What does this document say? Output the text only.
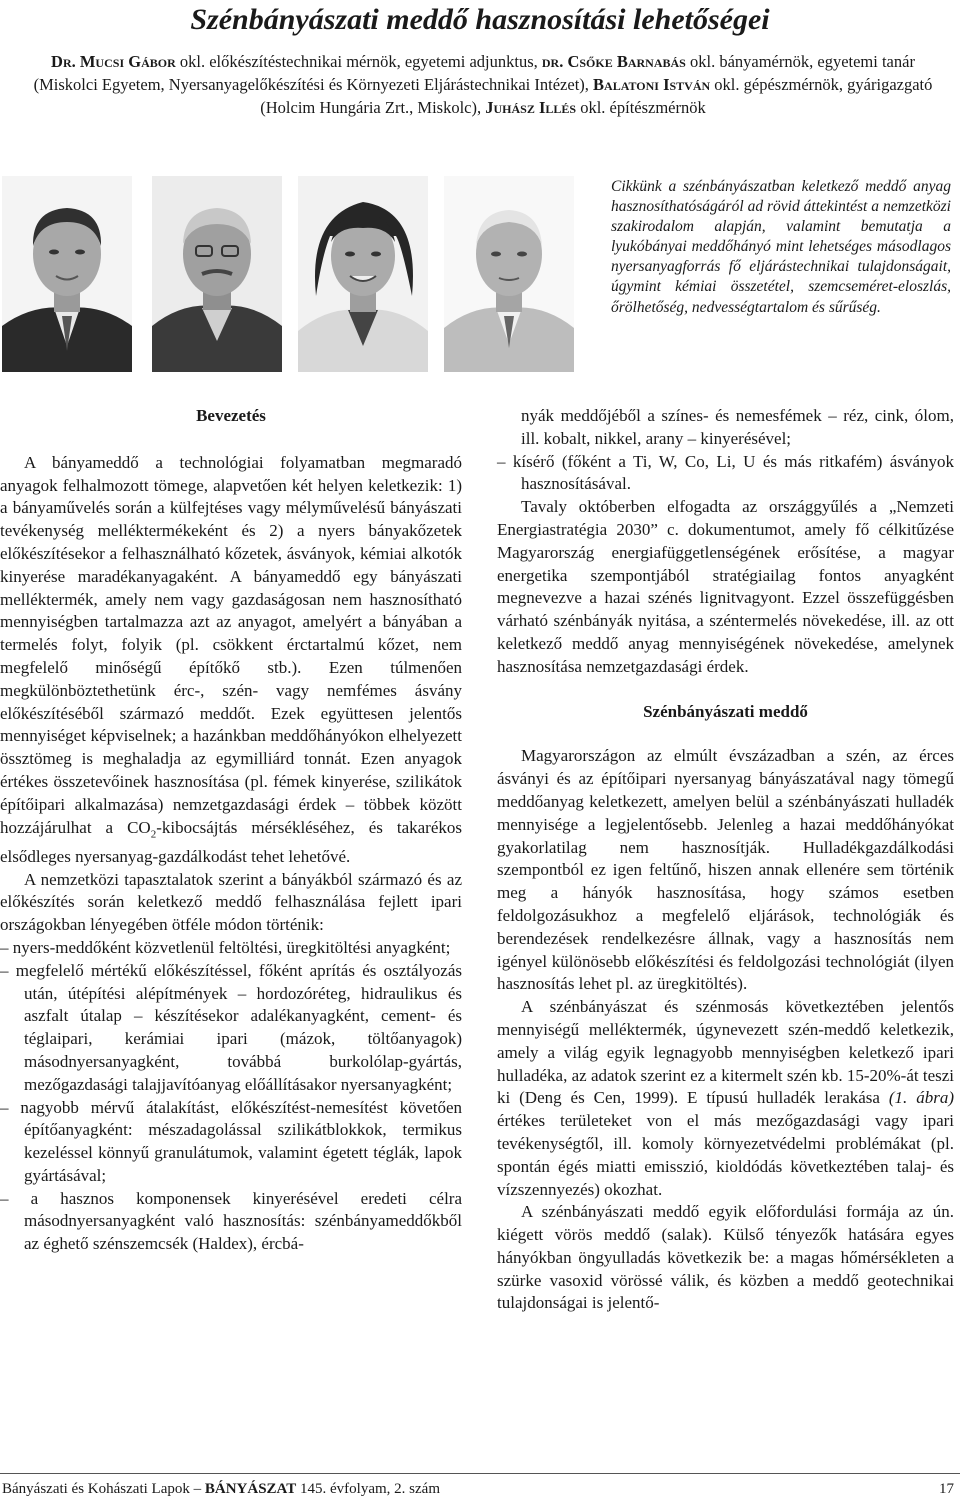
Szénbányászati meddő hasznosítási lehetőségei
Dr. Mucsi Gábor okl. előkészítéstechnikai mérnök, egyetemi adjunktus, dr. Csőke Barnabás okl. bányamérnök, egyetemi tanár (Miskolci Egyetem, Nyersanyagelőkészítési és Környezeti Eljárástechnikai Intézet), Balatoni István okl. gépészmérnök, gyárigazgató (Holcim Hungária Zrt., Miskolc), Juhász Illés okl. építészmérnök

Cikkünk a szénbányászatban keletkező meddő anyag hasznosíthatóságáról ad rövid áttekintést a nemzetközi szakirodalom alapján, valamint bemutatja a lyukóbányai meddőhányó mint lehetséges másodlagos nyersanyagforrás fő eljárástechnikai tulajdonságait, úgymint kémiai összetétel, szemcseméret-eloszlás, őrölhetőség, nedvességtartalom és sűrűség.

Bevezetés

A bányameddő a technológiai folyamatban megmaradó anyagok felhalmozott tömege, alapvetően két helyen keletkezik: 1) a bányaművelés során a külfejtéses vagy mélyművelésű bányászati tevékenység melléktermékeként és 2) a nyers bányakőzetek előkészítésekor a felhasználható kőzetek, ásványok, kémiai alkotók kinyerése maradékanyagaként. A bányameddő egy bányászati melléktermék, amely nem vagy gazdaságosan nem hasznosítható mennyiségben tartalmazza azt az anyagot, amelyért a bányában a termelés folyt, folyik (pl. csökkent érctartalmú kőzet, nem megfelelő minőségű építőkő stb.). Ezen túlmenően megkülönböztethetünk érc-, szén- vagy nemfémes ásvány előkészítéséből származó meddőt. Ezek együttesen jelentős mennyiséget képviselnek; a hazánkban meddőhányókon elhelyezett össztömeg is meghaladja az egymilliárd tonnát. Ezen anyagok értékes összetevőinek hasznosítása (pl. fémek kinyerése, szilikátok építőipari alkalmazása) nemzetgazdasági érdek – többek között hozzájárulhat a $CO_2$-kibocsájtás mérsékléséhez, és takarékos elsődleges nyersanyag-gazdálkodást tehet lehetővé.

A nemzetközi tapasztalatok szerint a bányákból származó és az előkészítés során keletkező meddő felhasználása fejlett ipari országokban lényegében ötféle módon történik:

– nyers-meddőként közvetlenül feltöltési, üregkitöltési anyagként;

– megfelelő mértékű előkészítéssel, főként aprítás és osztályozás után, útépítési alépítmények – hordozóréteg, hidraulikus és aszfalt útalap – készítésekor adalékanyagként, cement- és téglaipari, kerámiai ipari (mázok, töltőanyagok) másodnyersanyagként, továbbá burkolólap-gyártás, mezőgazdasági talajjavítóanyag előállításakor nyersanyagként;

– nagyobb mérvű átalakítást, előkészítést-nemesítést követően építőanyagként: mészadagolással szilikátblokkok, termikus kezeléssel könnyű granulátumok, valamint égetett téglák, lapok gyártásával;

– a hasznos komponensek kinyerésével eredeti célra másodnyersanyagként való hasznosítás: szénbányameddőkből az éghető szénszemcsék (Haldex), ércbá-

nyák meddőjéből a színes- és nemesfémek – réz, cink, ólom, ill. kobalt, nikkel, arany – kinyerésével;

– kísérő (főként a Ti, W, Co, Li, U és más ritkafém) ásványok hasznosításával.

Tavaly októberben elfogadta az országgyűlés a „Nemzeti Energiastratégia 2030” c. dokumentumot, amely fő célkitűzése Magyarország energiafüggetlenségének erősítése, a magyar energetika szempontjából stratégiailag fontos anyagként megnevezve a hazai szénés lignitvagyont. Ezzel összefüggésben várható szénbányák nyitása, a széntermelés növekedése, ill. az ott keletkező meddő anyag mennyiségének növekedése, amelynek hasznosítása nemzetgazdasági érdek.

Szénbányászati meddő

Magyarországon az elmúlt évszázadban a szén, az érces ásványi és az építőipari nyersanyag bányászatával nagy tömegű meddőanyag keletkezett, amelyen belül a szénbányászati hulladék mennyisége a legjelentősebb. Jelenleg a hazai meddőhányókat gyakorlatilag nem hasznosítják. Hulladékgazdálkodási szempontból ez igen feltűnő, hiszen annak ellenére sem történik meg a hányók hasznosítása, hogy számos esetben feldolgozásukhoz a megfelelő eljárások, technológiák és berendezések rendelkezésre állnak, vagy a hasznosítás nem igényel különösebb előkészítési és feldolgozási technológiát (ilyen hasznosítás lehet pl. az üregkitöltés).

A szénbányászat és szénmosás következtében jelentős mennyiségű melléktermék, úgynevezett szén-meddő keletkezik, amely a világ egyik legnagyobb mennyiségben keletkező ipari hulladéka, az adatok szerint ez a kitermelt szén kb. 15-20%-át teszi ki (Deng és Cen, 1999). E típusú hulladék lerakása (1. ábra) értékes területeket von el más mezőgazdasági vagy ipari tevékenységtől, ill. komoly környezetvédelmi problémákat (pl. spontán égés miatti emisszió, kioldódás következtében talaj- és vízszennyezés) okozhat.

A szénbányászati meddő egyik előfordulási formája az ún. kiégett vörös meddő (salak). Külső tényezők hatására egyes hányókban öngyulladás következik be: a magas hőmérsékleten a szürke vasoxid vörössé válik, és közben a meddő geotechnikai tulajdonságai is jelentő-

Bányászati és Kohászati Lapok – BÁNYÁSZAT 145. évfolyam, 2. szám	17
